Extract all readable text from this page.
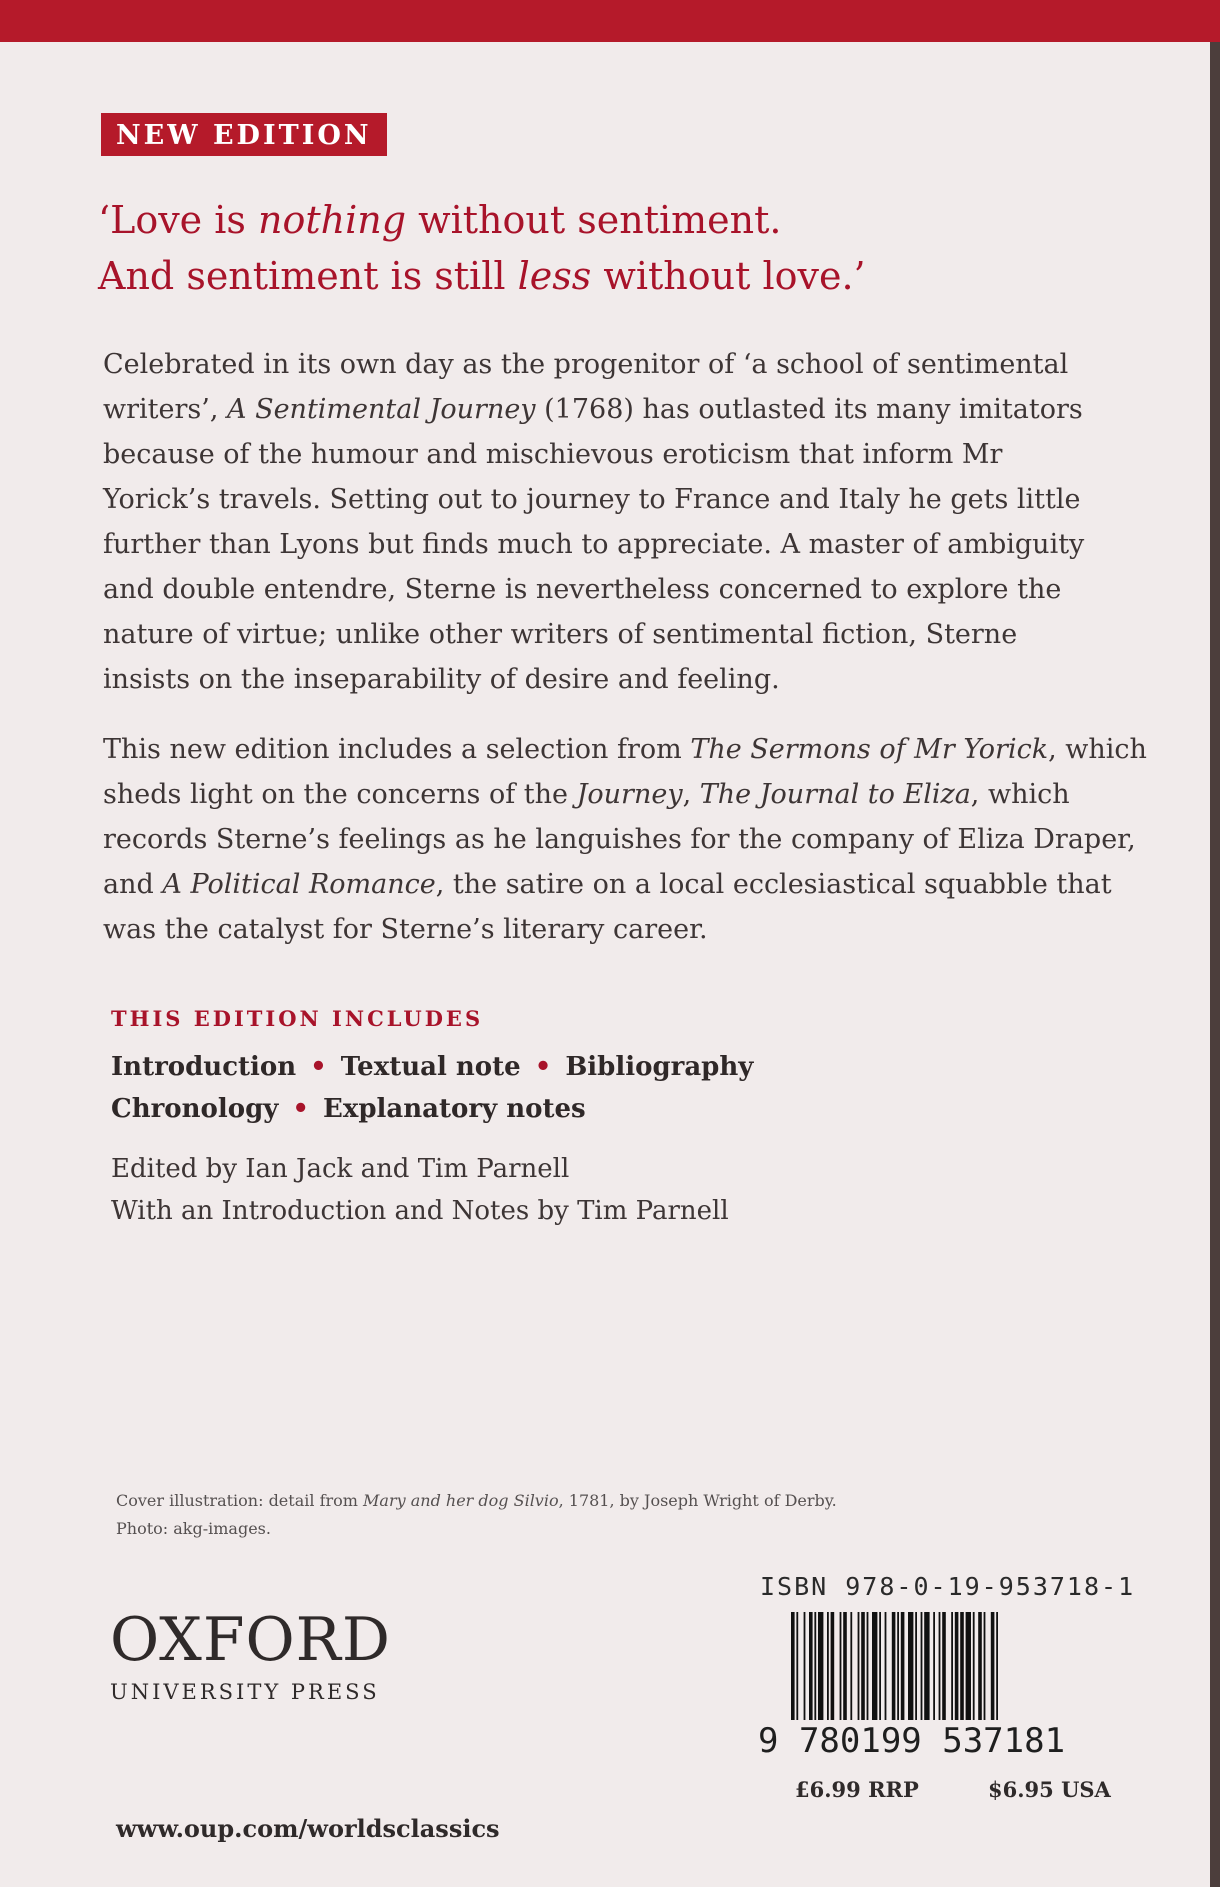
NEW EDITION
‘Love is nothing without sentiment.
And sentiment is still less without love.’
Celebrated in its own day as the progenitor of ‘a school of sentimental
writers’, A Sentimental Journey (1768) has outlasted its many imitators
because of the humour and mischievous eroticism that inform Mr
Yorick’s travels. Setting out to journey to France and Italy he gets little
further than Lyons but finds much to appreciate. A master of ambiguity
and double entendre, Sterne is nevertheless concerned to explore the
nature of virtue; unlike other writers of sentimental fiction, Sterne
insists on the inseparability of desire and feeling.
This new edition includes a selection from The Sermons of Mr Yorick, which
sheds light on the concerns of the Journey, The Journal to Eliza, which
records Sterne’s feelings as he languishes for the company of Eliza Draper,
and A Political Romance, the satire on a local ecclesiastical squabble that
was the catalyst for Sterne’s literary career.
THIS EDITION INCLUDES
Introduction • Textual note • Bibliography
Chronology • Explanatory notes
Edited by Ian Jack and Tim Parnell
With an Introduction and Notes by Tim Parnell
Cover illustration: detail from Mary and her dog Silvio, 1781, by Joseph Wright of Derby.
Photo: akg-images.
OXFORD
UNIVERSITY PRESS
www.oup.com/worldsclassics
ISBN 978-0-19-953718-1
9 780199 537181
£6.99 RRP	$6.95 USA
